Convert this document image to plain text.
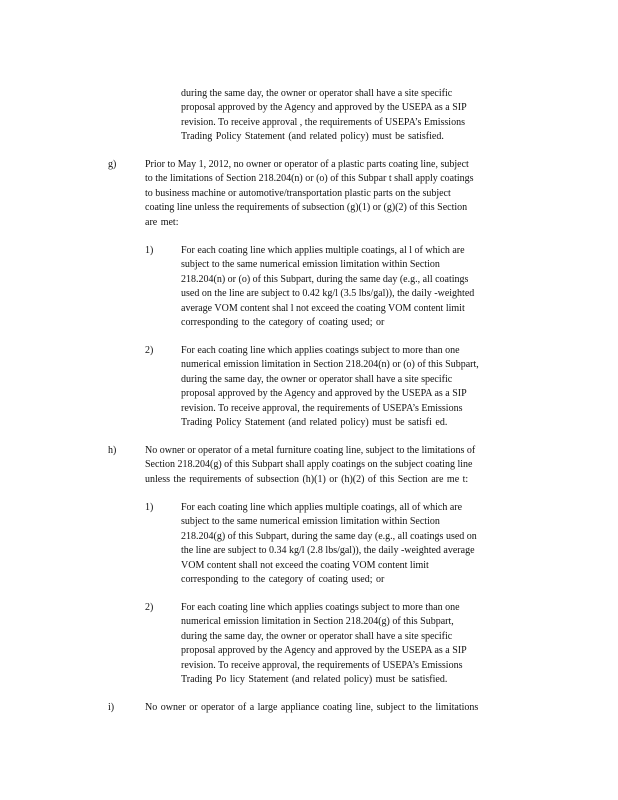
during the same day, the owner or operator shall have a site specific
proposal approved by the Agency and approved by the USEPA as a SIP
revision. To receive approval , the requirements of USEPA’s Emissions
Trading Policy Statement (and related policy) must be satisfied.
g)	Prior to May 1, 2012, no owner or operator of a plastic parts coating line, subject
to the limitations of Section 218.204(n) or (o) of this Subpar t shall apply coatings
to business machine or automotive/transportation plastic parts on the subject
coating line unless the requirements of subsection (g)(1) or (g)(2) of this Section
are met:
1)	For each coating line which applies multiple coatings, al l of which are
subject to the same numerical emission limitation within Section
218.204(n) or (o) of this Subpart, during the same day (e.g., all coatings
used on the line are subject to 0.42 kg/l (3.5 lbs/gal)), the daily -weighted
average VOM content shal l not exceed the coating VOM content limit
corresponding to the category of coating used; or
2)	For each coating line which applies coatings subject to more than one
numerical emission limitation in Section 218.204(n) or (o) of this Subpart,
during the same day, the owner or operator shall have a site specific
proposal approved by the Agency and approved by the USEPA as a SIP
revision. To receive approval, the requirements of USEPA’s Emissions
Trading Policy Statement (and related policy) must be satisfi ed.
h)	No owner or operator of a metal furniture coating line, subject to the limitations of
Section 218.204(g) of this Subpart shall apply coatings on the subject coating line
unless the requirements of subsection (h)(1) or (h)(2) of this Section are me t:
1)	For each coating line which applies multiple coatings, all of which are
subject to the same numerical emission limitation within Section
218.204(g) of this Subpart, during the same day (e.g., all coatings used on
the line are subject to 0.34 kg/l (2.8 lbs/gal)), the daily -weighted average
VOM content shall not exceed the coating VOM content limit
corresponding to the category of coating used; or
2)	For each coating line which applies coatings subject to more than one
numerical emission limitation in Section 218.204(g) of this Subpart,
during the same day, the owner or operator shall have a site specific
proposal approved by the Agency and approved by the USEPA as a SIP
revision. To receive approval, the requirements of USEPA’s Emissions
Trading Po licy Statement (and related policy) must be satisfied.
i)	No owner or operator of a large appliance coating line, subject to the limitations
